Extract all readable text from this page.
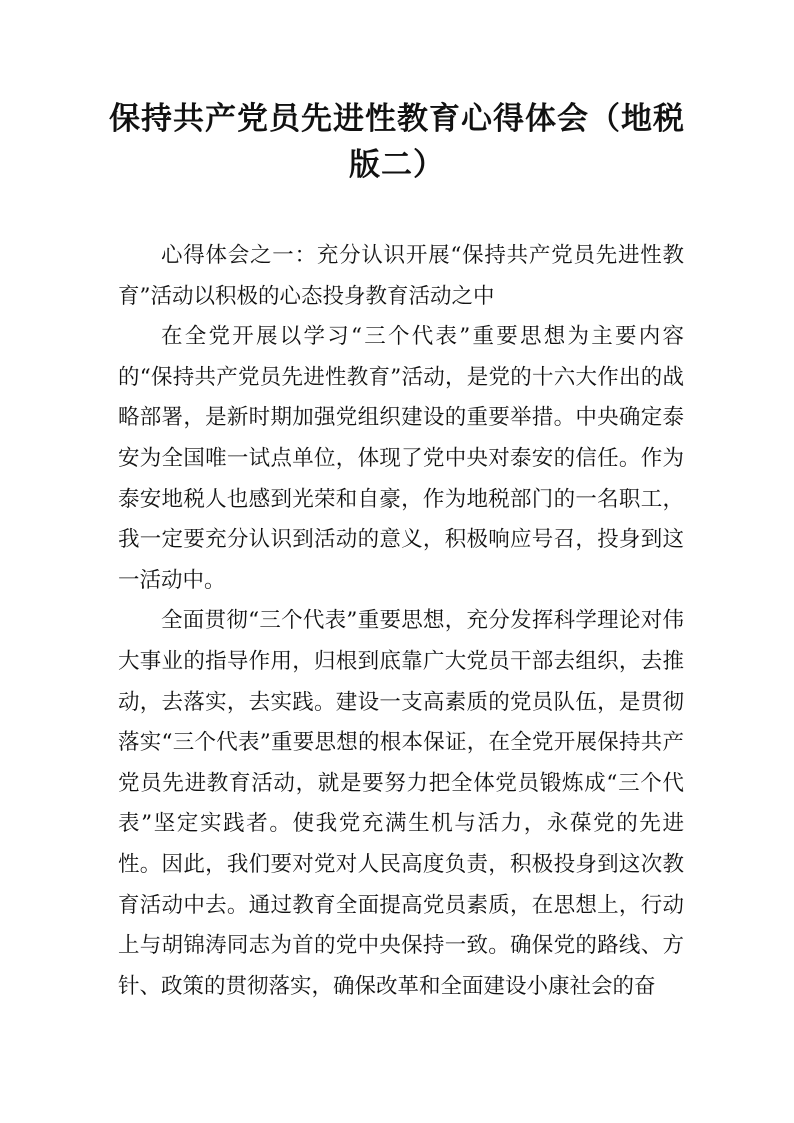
保持共产党员先进性教育心得体会（地税版二）

心得体会之一：充分认识开展“保持共产党员先进性教育”活动以积极的心态投身教育活动之中

在全党开展以学习“三个代表”重要思想为主要内容的“保持共产党员先进性教育”活动，是党的十六大作出的战略部署，是新时期加强党组织建设的重要举措。中央确定泰安为全国唯一试点单位，体现了党中央对泰安的信任。作为泰安地税人也感到光荣和自豪，作为地税部门的一名职工，我一定要充分认识到活动的意义，积极响应号召，投身到这一活动中。

全面贯彻“三个代表”重要思想，充分发挥科学理论对伟大事业的指导作用，归根到底靠广大党员干部去组织，去推动，去落实，去实践。建设一支高素质的党员队伍，是贯彻落实“三个代表”重要思想的根本保证，在全党开展保持共产党员先进教育活动，就是要努力把全体党员锻炼成“三个代表”坚定实践者。使我党充满生机与活力，永葆党的先进性。因此，我们要对党对人民高度负责，积极投身到这次教育活动中去。通过教育全面提高党员素质，在思想上，行动上与胡锦涛同志为首的党中央保持一致。确保党的路线、方针、政策的贯彻落实，确保改革和全面建设小康社会的奋
